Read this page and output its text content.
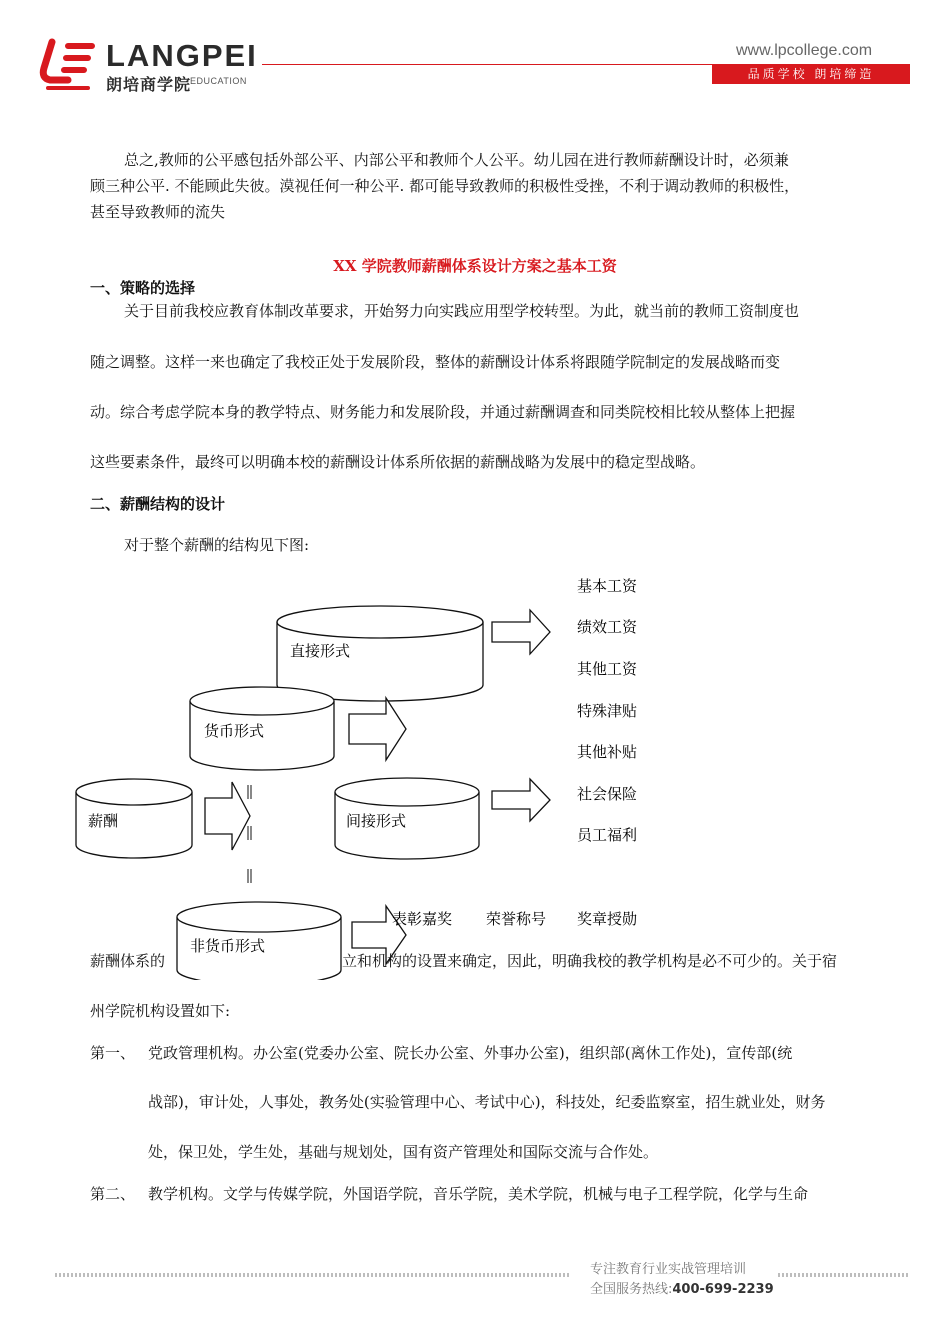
LANGPEI
朗培商学院
EDUCATION
www.lpcollege.com
品质学校 朗培缔造
总之,教师的公平感包括外部公平、内部公平和教师个人公平。幼儿园在进行教师薪酬设计时，必须兼
顾三种公平. 不能顾此失彼。漠视任何一种公平. 都可能导致教师的积极性受挫，不利于调动教师的积极性，
甚至导致教师的流失
XX 学院教师薪酬体系设计方案之基本工资
一、策略的选择
关于目前我校应教育体制改革要求，开始努力向实践应用型学校转型。为此，就当前的教师工资制度也
随之调整。这样一来也确定了我校正处于发展阶段，整体的薪酬设计体系将跟随学院制定的发展战略而变
动。综合考虑学院本身的教学特点、财务能力和发展阶段，并通过薪酬调查和同类院校相比较从整体上把握
这些要素条件，最终可以明确本校的薪酬设计体系所依据的薪酬战略为发展中的稳定型战略。
二、薪酬结构的设计
对于整个薪酬的结构见下图:
直接形式
货币形式
薪酬	间接形式
非货币形式
基本工资
绩效工资
其他工资
特殊津贴
其他补贴
社会保险
员工福利
表彰嘉奖 荣誉称号 奖章授勋
薪酬体系的	立和机构的设置来确定，因此，明确我校的教学机构是必不可少的。关于宿
州学院机构设置如下:
第一、 党政管理机构。办公室(党委办公室、院长办公室、外事办公室)，组织部(离休工作处)，宣传部(统
战部)，审计处，人事处，教务处(实验管理中心、考试中心)，科技处，纪委监察室，招生就业处，财务
处，保卫处，学生处，基础与规划处，国有资产管理处和国际交流与合作处。
第二、 教学机构。文学与传媒学院，外国语学院，音乐学院，美术学院，机械与电子工程学院，化学与生命
专注教育行业实战管理培训
全国服务热线:400-699-2239
